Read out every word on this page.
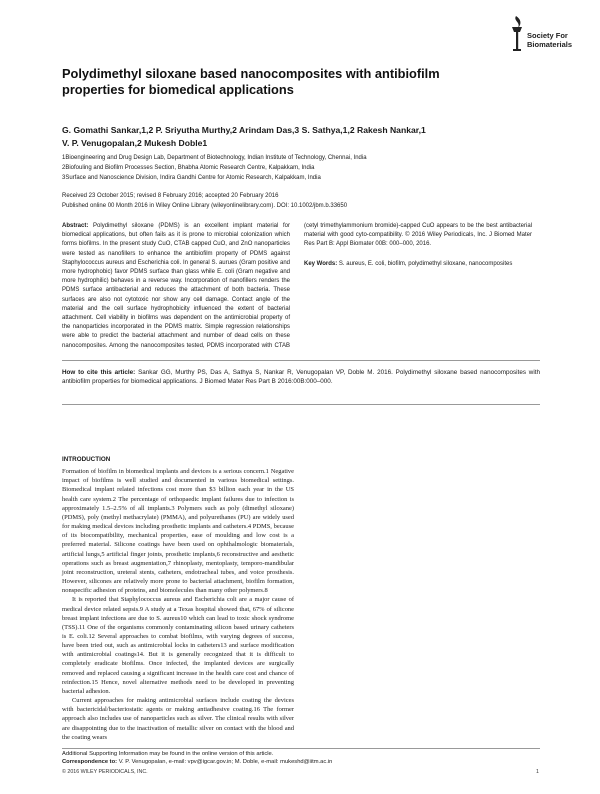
Society For
Biomaterials
Polydimethyl siloxane based nanocomposites with antibiofilm properties for biomedical applications
G. Gomathi Sankar,1,2 P. Sriyutha Murthy,2 Arindam Das,3 S. Sathya,1,2 Rakesh Nankar,1
V. P. Venugopalan,2 Mukesh Doble1
1Bioengineering and Drug Design Lab, Department of Biotechnology, Indian Institute of Technology, Chennai, India
2Biofouling and Biofilm Processes Section, Bhabha Atomic Research Centre, Kalpakkam, India
3Surface and Nanoscience Division, Indira Gandhi Centre for Atomic Research, Kalpakkam, India
Received 23 October 2015; revised 8 February 2016; accepted 20 February 2016
Published online 00 Month 2016 in Wiley Online Library (wileyonlinelibrary.com). DOI: 10.1002/jbm.b.33650

Abstract: Polydimethyl siloxane (PDMS) is an excellent implant material for biomedical applications, but often fails as it is prone to microbial colonization which forms biofilms. In the present study CuO, CTAB capped CuO, and ZnO nanoparticles were tested as nanofillers to enhance the antibiofilm property of PDMS against Staphylococcus aureus and Escherichia coli. In general S. aurues (Gram positive and more hydrophobic) favor PDMS surface than glass while E. coli (Gram negative and more hydrophilic) behaves in a reverse way. Incorporation of nanofillers renders the PDMS surface antibacterial and reduces the attachment of both bacteria. These surfaces are also not cytotoxic nor show any cell damage. Contact angle of the material and the cell surface hydrophobicity influenced the extent of bacterial attachment. Cell viability in biofilms was dependent on the antimicrobial property of the nanoparticles incorporated in the PDMS matrix. Simple regression relationships were able to predict the bacterial attachment and number of dead cells on these nanocomposites. Among the nanocomposites tested, PDMS incorporated with CTAB (cetyl trimethylammonium bromide)-capped CuO appears to be the best antibacterial material with good cyto-compatibility. © 2016 Wiley Periodicals, Inc. J Biomed Mater Res Part B: Appl Biomater 00B: 000–000, 2016.

Key Words: S. aureus, E. coli, biofilm, polydimethyl siloxane, nanocomposites

How to cite this article: Sankar GG, Murthy PS, Das A, Sathya S, Nankar R, Venugopalan VP, Doble M. 2016. Polydimethyl siloxane based nanocomposites with antibiofilm properties for biomedical applications. J Biomed Mater Res Part B 2016:00B:000–000.
INTRODUCTION

Formation of biofilm in biomedical implants and devices is a serious concern.1 Negative impact of biofilms is well studied and documented in various biomedical settings. Biomedical implant related infections cost more than $3 billion each year in the US health care system.2 The percentage of orthopaedic implant failures due to infection is approximately 1.5–2.5% of all implants.3 Polymers such as poly (dimethyl siloxane) (PDMS), poly (methyl methacrylate) (PMMA), and polyurethanes (PU) are widely used for making medical devices including prosthetic implants and catheters.4 PDMS, because of its biocompatibility, mechanical properties, ease of moulding and low cost is a preferred material. Silicone coatings have been used on ophthalmologic biomaterials, artificial lungs,5 artificial finger joints, prosthetic implants,6 reconstructive and aesthetic operations such as breast augmentation,7 rhinoplasty, mentoplasty, temporo-mandibular joint reconstruction, ureteral stents, catheters, endotracheal tubes, and voice prosthesis. However, silicones are relatively more prone to bacterial attachment, biofilm formation, nonspecific adhesion of proteins, and biomolecules than many other polymers.8

It is reported that Staphylococcus aureus and Escherichia coli are a major cause of medical device related sepsis.9 A study at a Texas hospital showed that, 67% of silicone breast implant infections are due to S. aureus10 which can lead to toxic shock syndrome (TSS).11 One of the organisms commonly contaminating silicon based urinary catheters is E. coli.12 Several approaches to combat biofilms, with varying degrees of success, have been tried out, such as antimicrobial locks in catheters13 and surface modification with antimicrobial coatings14. But it is generally recognized that it is difficult to completely eradicate biofilms. Once infected, the implanted devices are surgically removed and replaced causing a significant increase in the health care cost and chance of reinfection.15 Hence, novel alternative methods need to be developed in preventing bacterial adhesion.

Current approaches for making antimicrobial surfaces include coating the devices with bactericidal/bacteriostatic agents or making antiadhesive coating.16 The former approach also includes use of nanoparticles such as silver. The clinical results with silver are disappointing due to the inactivation of metallic silver on contact with the blood and the coating wears

Additional Supporting Information may be found in the online version of this article.
Correspondence to: V. P. Venugopalan, e-mail: vpv@igcar.gov.in; M. Doble, e-mail: mukeshd@iitm.ac.in
© 2016 WILEY PERIODICALS, INC.	1
